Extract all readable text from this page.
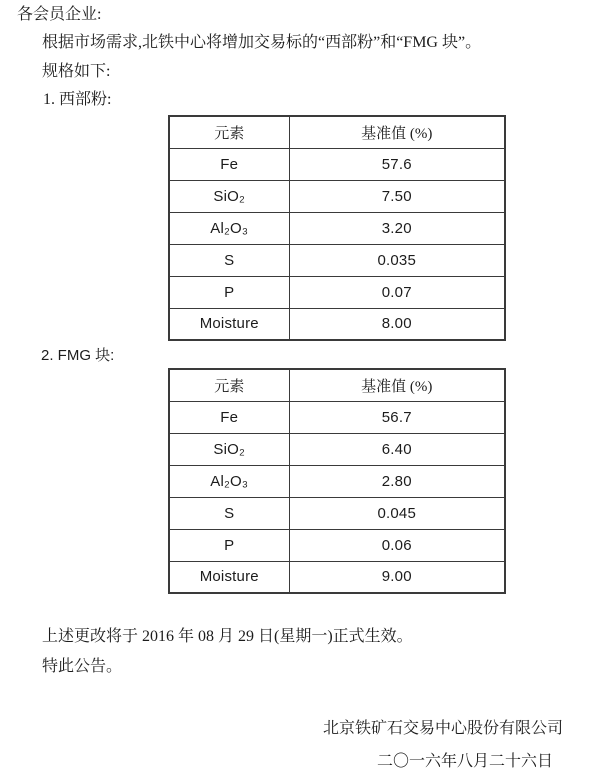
各会员企业:
根据市场需求,北铁中心将增加交易标的“西部粉”和“FMG 块”。
规格如下:
1. 西部粉:
元素	基准值 (%)
Fe	57.6
SiO₂	7.50
Al₂O₃	3.20
S	0.035
P	0.07
Moisture	8.00
2. FMG 块:
元素	基准值 (%)
Fe	56.7
SiO₂	6.40
Al₂O₃	2.80
S	0.045
P	0.06
Moisture	9.00
上述更改将于 2016 年 08 月 29 日(星期一)正式生效。
特此公告。
北京铁矿石交易中心股份有限公司
二〇一六年八月二十六日
